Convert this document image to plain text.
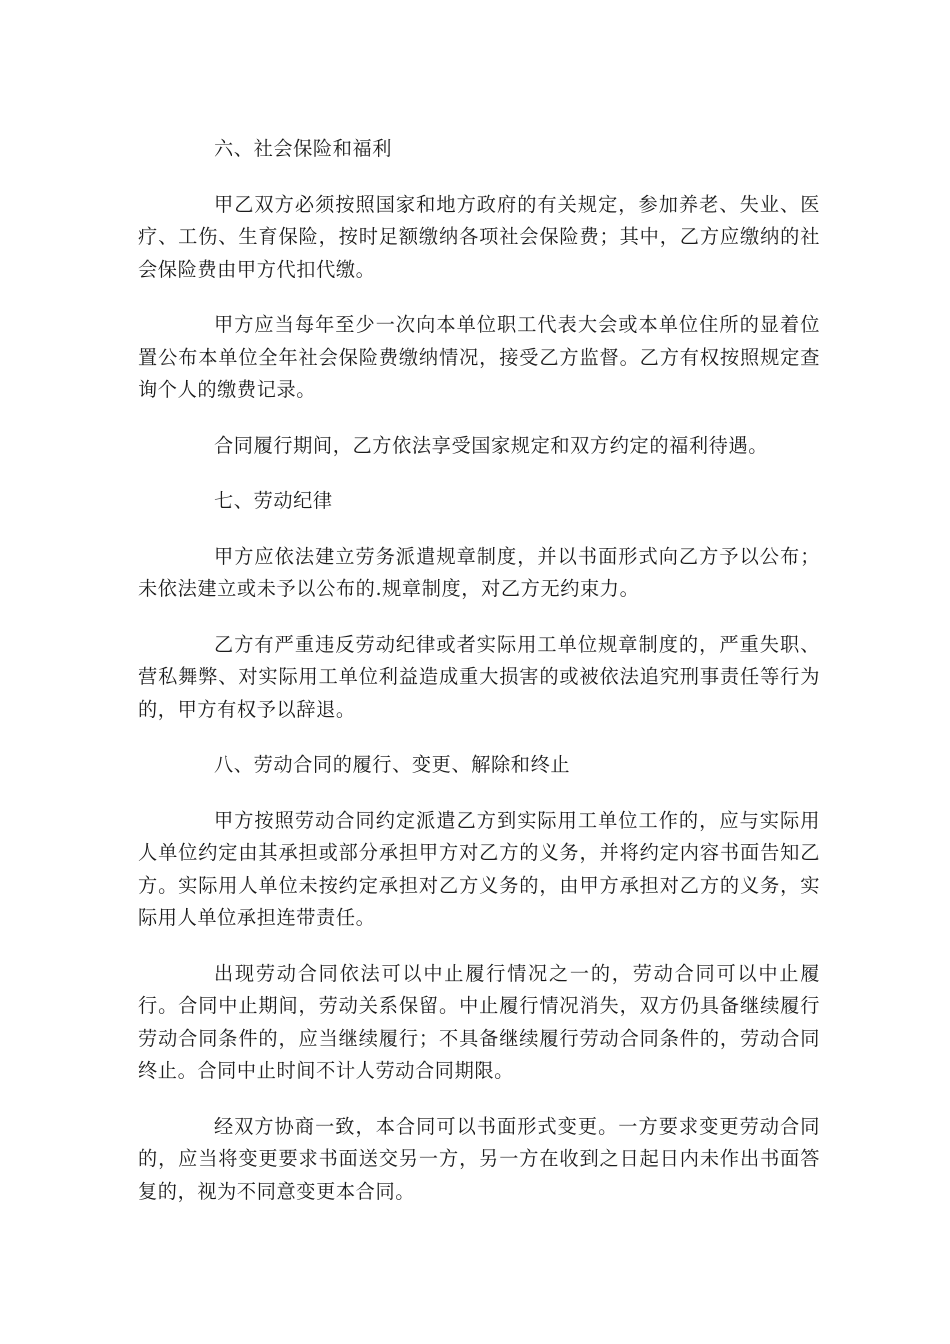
六、社会保险和福利

甲乙双方必须按照国家和地方政府的有关规定，参加养老、失业、医疗、工伤、生育保险，按时足额缴纳各项社会保险费；其中，乙方应缴纳的社会保险费由甲方代扣代缴。

甲方应当每年至少一次向本单位职工代表大会或本单位住所的显着位置公布本单位全年社会保险费缴纳情况，接受乙方监督。乙方有权按照规定查询个人的缴费记录。

合同履行期间，乙方依法享受国家规定和双方约定的福利待遇。

七、劳动纪律

甲方应依法建立劳务派遣规章制度，并以书面形式向乙方予以公布；未依法建立或未予以公布的.规章制度，对乙方无约束力。

乙方有严重违反劳动纪律或者实际用工单位规章制度的，严重失职、营私舞弊、对实际用工单位利益造成重大损害的或被依法追究刑事责任等行为的，甲方有权予以辞退。

八、劳动合同的履行、变更、解除和终止

甲方按照劳动合同约定派遣乙方到实际用工单位工作的，应与实际用人单位约定由其承担或部分承担甲方对乙方的义务，并将约定内容书面告知乙方。实际用人单位未按约定承担对乙方义务的，由甲方承担对乙方的义务，实际用人单位承担连带责任。

出现劳动合同依法可以中止履行情况之一的，劳动合同可以中止履行。合同中止期间，劳动关系保留。中止履行情况消失，双方仍具备继续履行劳动合同条件的，应当继续履行；不具备继续履行劳动合同条件的，劳动合同终止。合同中止时间不计人劳动合同期限。

经双方协商一致，本合同可以书面形式变更。一方要求变更劳动合同的，应当将变更要求书面送交另一方，另一方在收到之日起日内未作出书面答复的，视为不同意变更本合同。
